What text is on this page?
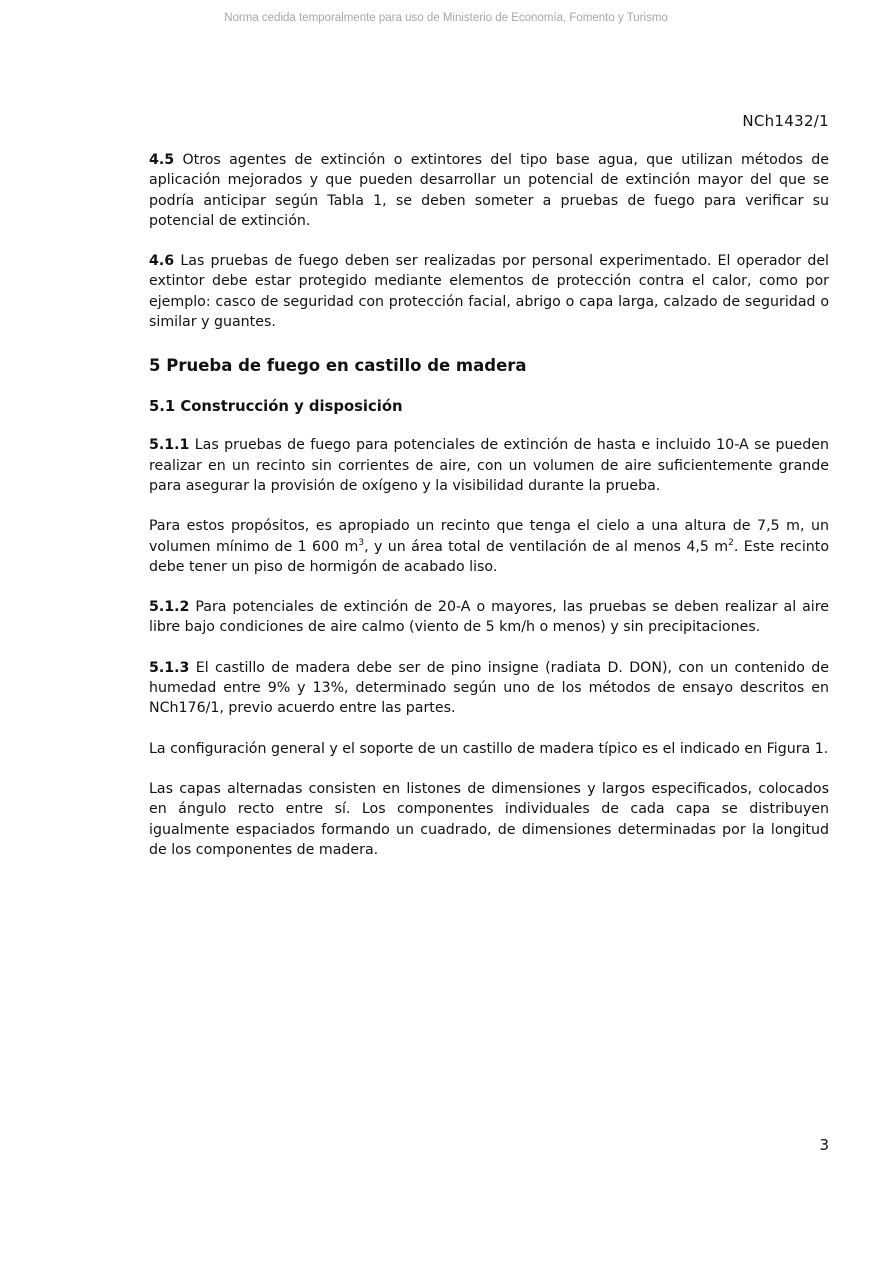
Norma cedida temporalmente para uso de Ministerio de Economía, Fomento y Turismo
NCh1432/1

4.5 Otros agentes de extinción o extintores del tipo base agua, que utilizan métodos de aplicación mejorados y que pueden desarrollar un potencial de extinción mayor del que se podría anticipar según Tabla 1, se deben someter a pruebas de fuego para verificar su potencial de extinción.

4.6 Las pruebas de fuego deben ser realizadas por personal experimentado. El operador del extintor debe estar protegido mediante elementos de protección contra el calor, como por ejemplo: casco de seguridad con protección facial, abrigo o capa larga, calzado de seguridad o similar y guantes.

5 Prueba de fuego en castillo de madera
5.1 Construcción y disposición

5.1.1 Las pruebas de fuego para potenciales de extinción de hasta e incluido 10-A se pueden realizar en un recinto sin corrientes de aire, con un volumen de aire suficientemente grande para asegurar la provisión de oxígeno y la visibilidad durante la prueba.

Para estos propósitos, es apropiado un recinto que tenga el cielo a una altura de 7,5 m, un volumen mínimo de 1 600 $m^3$, y un área total de ventilación de al menos 4,5 $m^2$. Este recinto debe tener un piso de hormigón de acabado liso.

5.1.2 Para potenciales de extinción de 20-A o mayores, las pruebas se deben realizar al aire libre bajo condiciones de aire calmo (viento de 5 km/h o menos) y sin precipitaciones.

5.1.3 El castillo de madera debe ser de pino insigne (radiata D. DON), con un contenido de humedad entre 9% y 13%, determinado según uno de los métodos de ensayo descritos en NCh176/1, previo acuerdo entre las partes.

La configuración general y el soporte de un castillo de madera típico es el indicado en Figura 1.

Las capas alternadas consisten en listones de dimensiones y largos especificados, colocados en ángulo recto entre sí. Los componentes individuales de cada capa se distribuyen igualmente espaciados formando un cuadrado, de dimensiones determinadas por la longitud de los componentes de madera.

3
